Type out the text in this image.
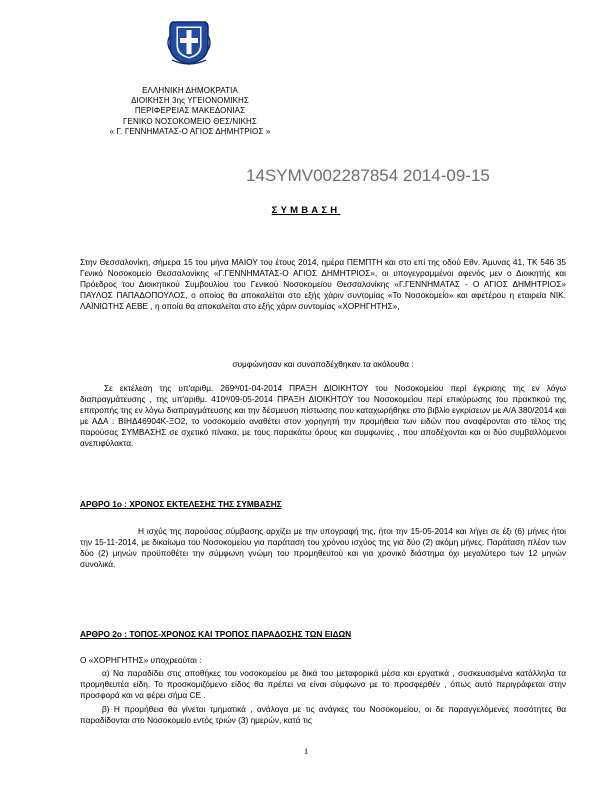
ΕΛΛΗΝΙΚΗ ΔΗΜΟΚΡΑΤΙΑ
ΔΙΟΙΚΗΣΗ 3ης ΥΓΕΙΟΝΟΜΙΚΗΣ
ΠΕΡΙΦΕΡΕΙΑΣ ΜΑΚΕΔΟΝΙΑΣ
ΓΕΝΙΚΟ ΝΟΣΟΚΟΜΕΙΟ ΘΕΣ/ΝΙΚΗΣ
« Γ. ΓΕΝΝΗΜΑΤΑΣ-Ο ΑΓΙΟΣ ΔΗΜΗΤΡΙΟΣ »
14SYMV002287854 2014-09-15
ΣΥΜΒΑΣΗ

Στην Θεσσαλονίκη, σήμερα 15 του μήνα ΜΑΙΟΥ του έτους 2014, ημέρα ΠΕΜΠΤΗ και στο επί της οδού Εθν. Άμυνας 41, ΤΚ 546 35 Γενικό Νοσοκομείο Θεσσαλονίκης «Γ.ΓΕΝΝΗΜΑΤΑΣ-Ο ΑΓΙΟΣ ΔΗΜΗΤΡΙΟΣ», οι υπογεγραμμένοι αφενός μεν ο Διοικητής και Πρόεδρος του Διοικητικού Συμβουλίου του Γενικού Νοσοκομείου Θεσσαλονίκης «Γ.ΓΕΝΝΗΜΑΤΑΣ - Ο ΑΓΙΟΣ ΔΗΜΗΤΡΙΟΣ» ΠΑΥΛΟΣ ΠΑΠΑΔΟΠΟΥΛΟΣ, ο οποίος θα αποκαλείται στο εξής χάριν συντομίας «Το Νοσοκομείο» και αφετέρου η εταιρεία ΝΙΚ. ΛΑΪΝΙΩΤΗΣ ΑΕΒΕ , η οποία θα αποκαλείται στο εξής χάριν συντομίας «ΧΟΡΗΓΗΤΗΣ»,

συμφώνησαν και συναποδέχθηκαν τα ακόλουθα :

Σε εκτέλεση της υπ'αριθμ. 269ª/01-04-2014 ΠΡΑΞΗ ΔΙΟΙΚΗΤΟΥ του Νοσοκομείου περί έγκρισης της εν λόγω διαπραγμάτευσης , της υπ'αριθμ. 410ª/09-05-2014 ΠΡΑΞΗ ΔΙΟΙΚΗΤΟΥ του Νοσοκομείου περί επικύρωσης του πρακτικού της επιτροπής της εν λόγω διαπραγμάτευσης και την δέσμευση πίστωσης που καταχωρήθηκε στο βιβλίο εγκρίσεων με Α/Α 380/2014 και με ΑΔΑ : ΒΙΗΔ46904Κ-ΞΟ2, το νοσοκομείο αναθέτει στον χορηγητή την προμήθεια των ειδών που αναφέρονται στο τέλος της παρούσας ΣΥΜΒΑΣΗΣ σε σχετικό πίνακα, με τους παρακάτω όρους και συμφωνίες , που αποδέχονται και οι δύο συμβαλλόμενοι ανεπιφύλακτα.

ΑΡΘΡΟ 1ο : ΧΡΟΝΟΣ ΕΚΤΕΛΕΣΗΣ ΤΗΣ ΣΥΜΒΑΣΗΣ

Η ισχύς της παρούσας σύμβασης αρχίζει με την υπογραφή της, ήτοι την 15-05-2014 και λήγει σε έξι (6) μήνες ήτοι την 15-11-2014, με δικαίωμα του Νοσοκομείου για παράταση του χρόνου ισχύος της για δύο (2) ακόμη μήνες. Παράταση πλέον των δύο (2) μηνών προϋποθέτει την σύμφωνη γνώμη του προμηθευτού και για χρονικό διάστημα όχι μεγαλύτερο των 12 μηνών συνολικά.

ΑΡΘΡΟ 2ο : ΤΟΠΟΣ-ΧΡΟΝΟΣ ΚΑΙ ΤΡΟΠΟΣ ΠΑΡΑΔΟΣΗΣ ΤΩΝ ΕΙΔΩΝ

Ο «ΧΟΡΗΓΗΤΗΣ» υποχρεούται :

α) Να παραδίδει στις αποθήκες του νοσοκομείου με δικά του μεταφορικά μέσα και εργατικά , συσκευασμένα κατάλληλα τα προμηθευτέα είδη. Το προσκομιζόμενο είδος θα πρέπει να είναι σύμφωνο με το προσφερθέν , όπως αυτό περιγράφεται στην προσφορά και να φέρει σήμα CE .

β) Η προμήθεια θα γίνεται τμηματικά , ανάλογα με τις ανάγκες του Νοσοκομείου, οι δε παραγγελόμενες ποσότητες θα παραδίδονται στο Νοσοκομείο εντός τριών (3) ημερών, κατά τις

1
